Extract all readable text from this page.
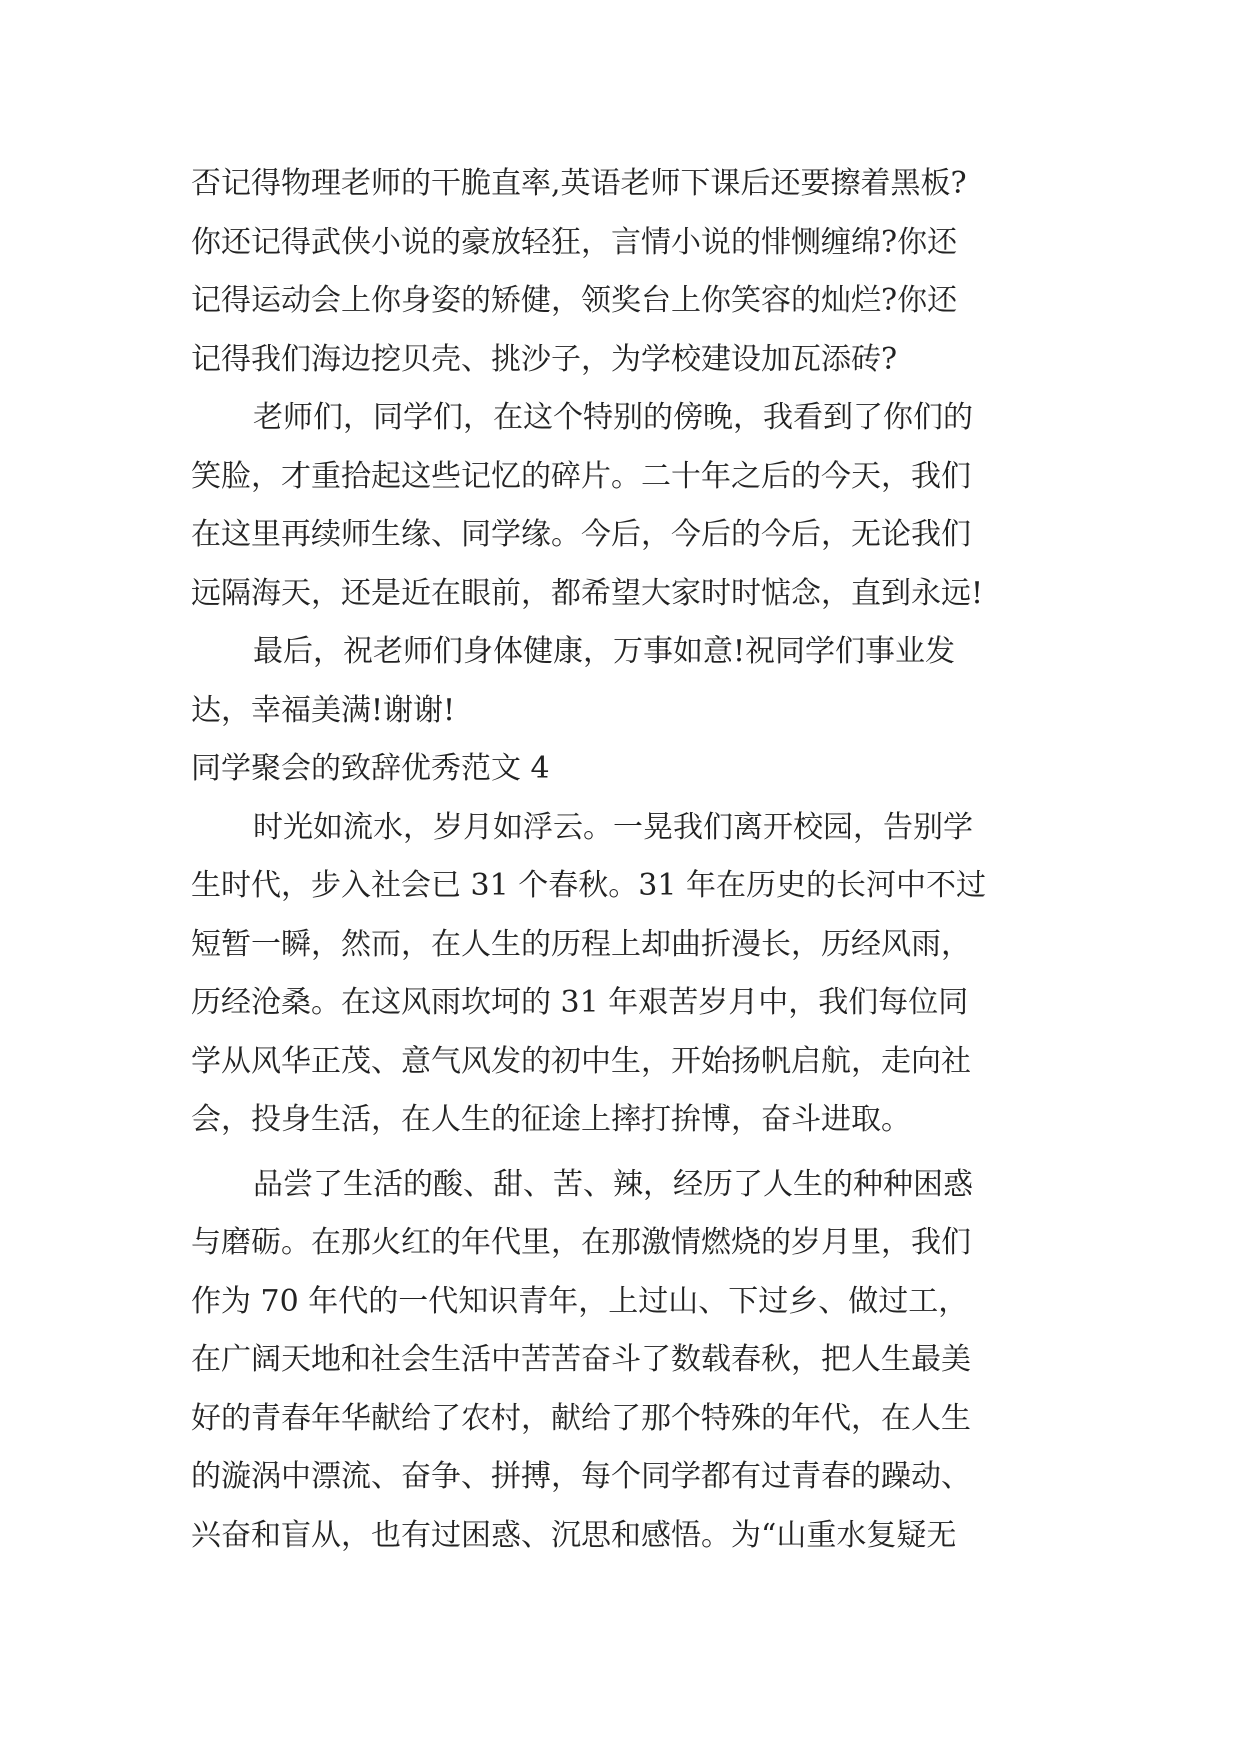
否记得物理老师的干脆直率,英语老师下课后还要擦着黑板?
你还记得武侠小说的豪放轻狂，言情小说的悱恻缠绵?你还
记得运动会上你身姿的矫健，领奖台上你笑容的灿烂?你还
记得我们海边挖贝壳、挑沙子，为学校建设加瓦添砖?
老师们，同学们，在这个特别的傍晚，我看到了你们的
笑脸，才重拾起这些记忆的碎片。二十年之后的今天，我们
在这里再续师生缘、同学缘。今后，今后的今后，无论我们
远隔海天，还是近在眼前，都希望大家时时惦念，直到永远!
最后，祝老师们身体健康，万事如意!祝同学们事业发
达，幸福美满!谢谢!
同学聚会的致辞优秀范文 4
时光如流水，岁月如浮云。一晃我们离开校园，告别学
生时代，步入社会已 31 个春秋。31 年在历史的长河中不过
短暂一瞬，然而，在人生的历程上却曲折漫长，历经风雨，
历经沧桑。在这风雨坎坷的 31 年艰苦岁月中，我们每位同
学从风华正茂、意气风发的初中生，开始扬帆启航，走向社
会，投身生活，在人生的征途上摔打拚博，奋斗进取。
品尝了生活的酸、甜、苦、辣，经历了人生的种种困惑
与磨砺。在那火红的年代里，在那激情燃烧的岁月里，我们
作为 70 年代的一代知识青年，上过山、下过乡、做过工，
在广阔天地和社会生活中苦苦奋斗了数载春秋，把人生最美
好的青春年华献给了农村，献给了那个特殊的年代，在人生
的漩涡中漂流、奋争、拼搏，每个同学都有过青春的躁动、
兴奋和盲从，也有过困惑、沉思和感悟。为“山重水复疑无
